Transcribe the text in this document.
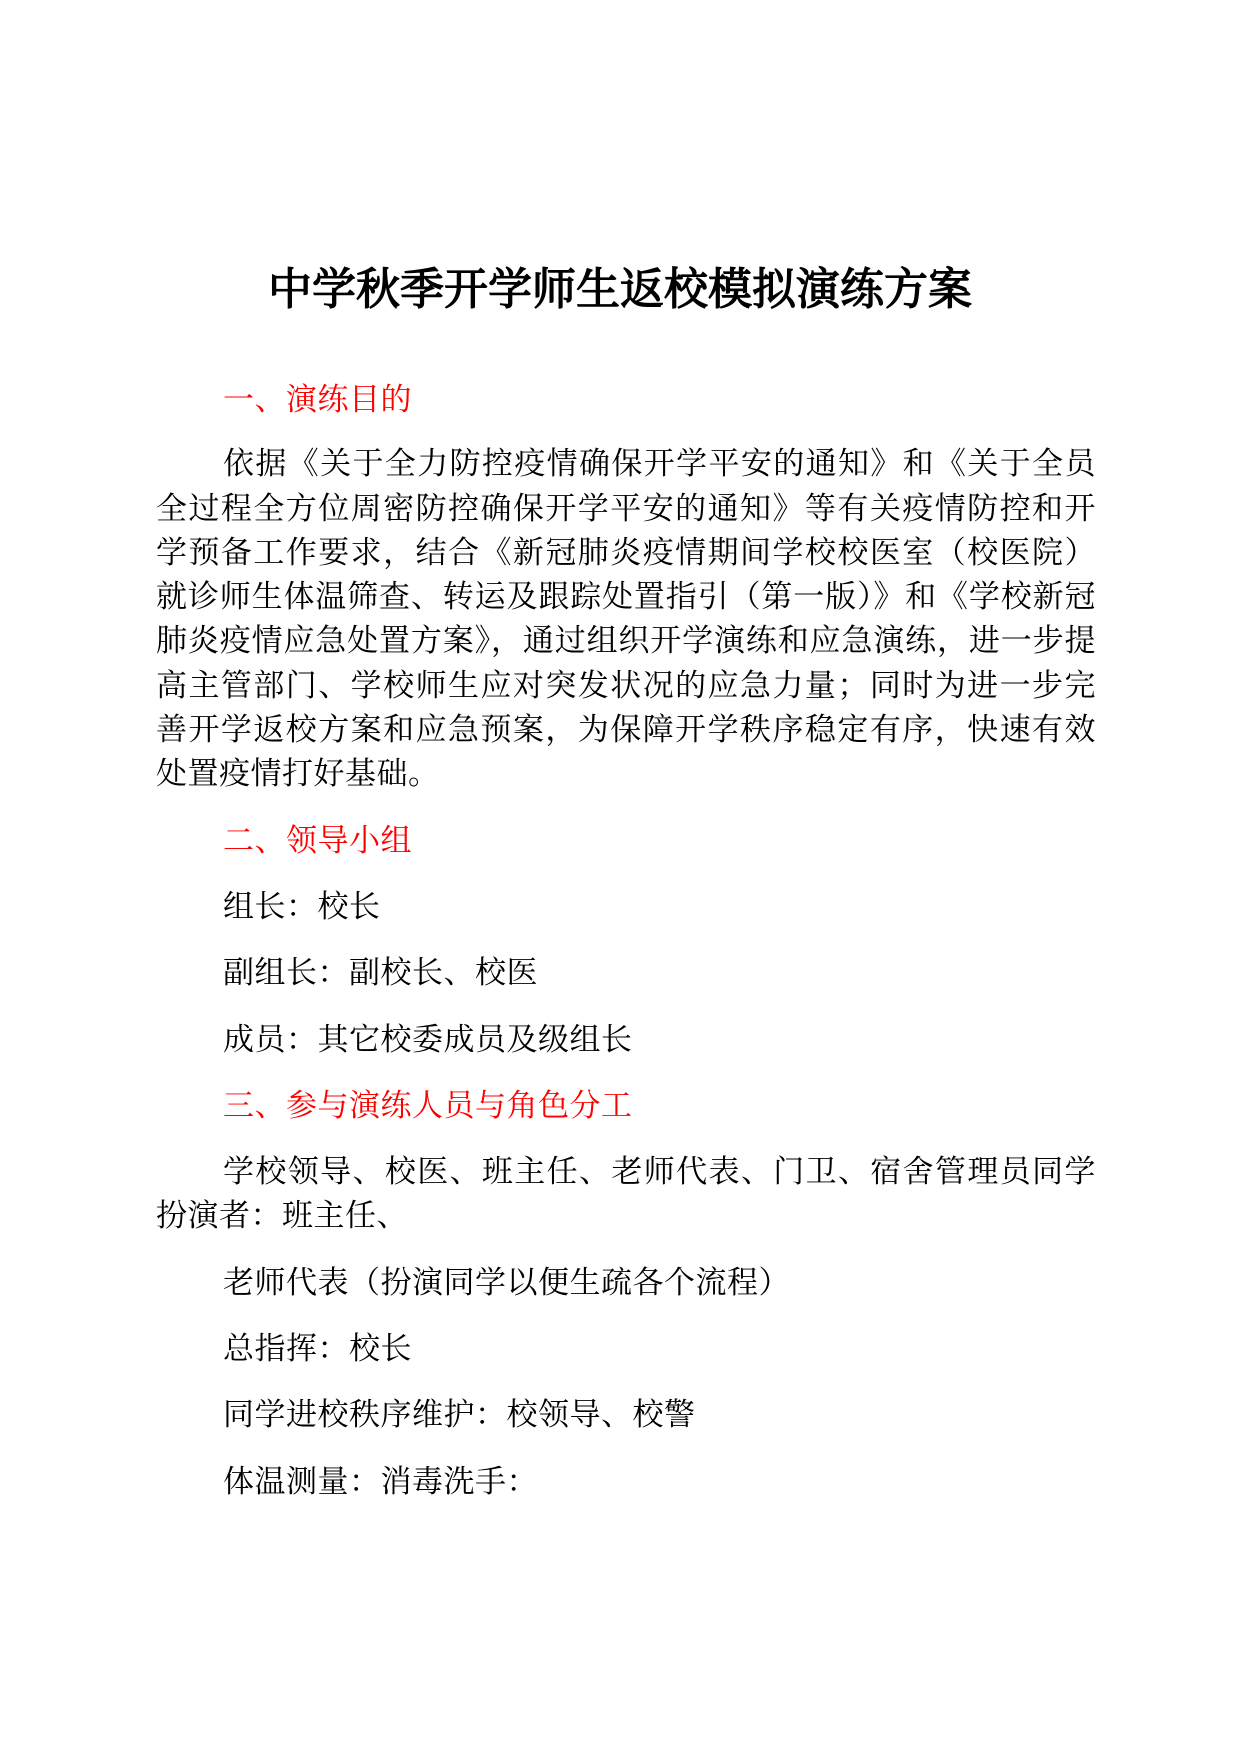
中学秋季开学师生返校模拟演练方案

一、演练目的

依据《关于全力防控疫情确保开学平安的通知》和《关于全员全过程全方位周密防控确保开学平安的通知》等有关疫情防控和开学预备工作要求，结合《新冠肺炎疫情期间学校校医室（校医院）就诊师生体温筛查、转运及跟踪处置指引（第一版）》和《学校新冠肺炎疫情应急处置方案》，通过组织开学演练和应急演练，进一步提高主管部门、学校师生应对突发状况的应急力量；同时为进一步完善开学返校方案和应急预案，为保障开学秩序稳定有序，快速有效处置疫情打好基础。

二、领导小组

组长：校长

副组长：副校长、校医

成员：其它校委成员及级组长

三、参与演练人员与角色分工

学校领导、校医、班主任、老师代表、门卫、宿舍管理员同学扮演者：班主任、

老师代表（扮演同学以便生疏各个流程）

总指挥：校长

同学进校秩序维护：校领导、校警

体温测量：消毒洗手：
